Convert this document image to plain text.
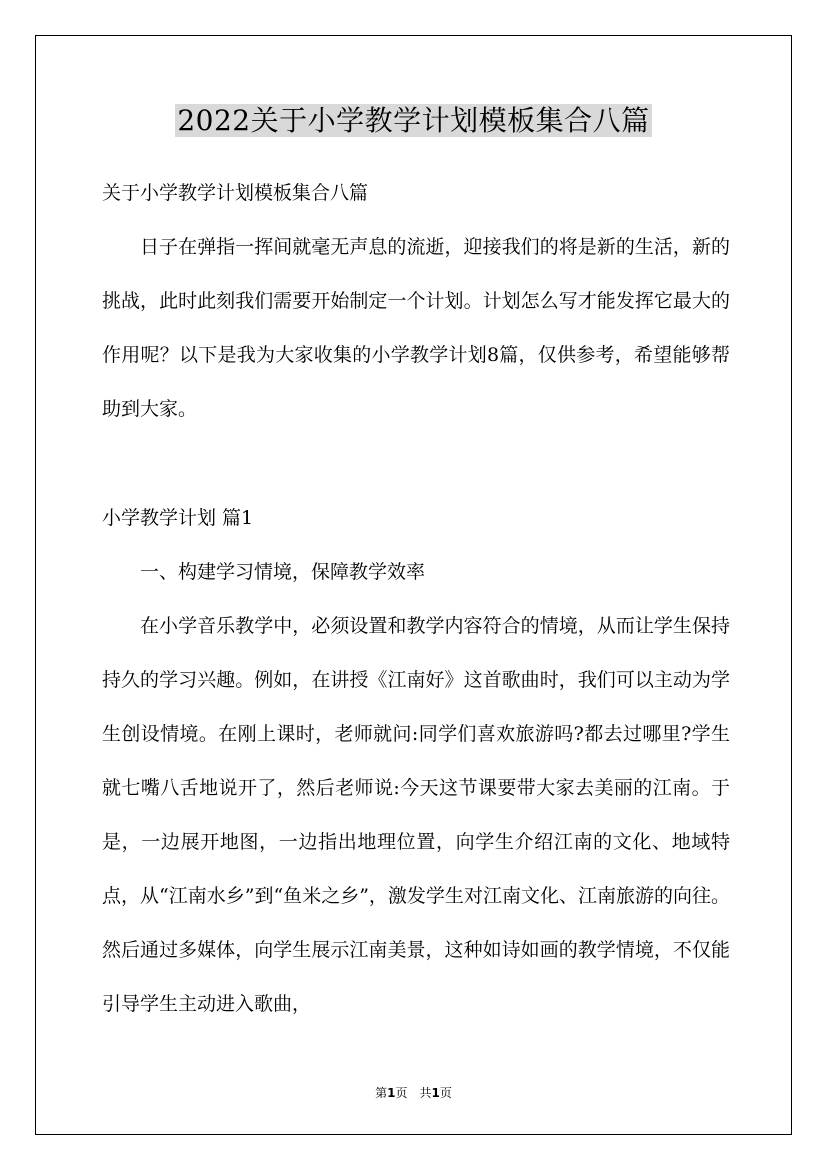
2022关于小学教学计划模板集合八篇

关于小学教学计划模板集合八篇

日子在弹指一挥间就毫无声息的流逝，迎接我们的将是新的生活，新的挑战，此时此刻我们需要开始制定一个计划。计划怎么写才能发挥它最大的作用呢？以下是我为大家收集的小学教学计划8篇，仅供参考，希望能够帮助到大家。

小学教学计划 篇1

一、构建学习情境，保障教学效率

在小学音乐教学中，必须设置和教学内容符合的情境，从而让学生保持持久的学习兴趣。例如，在讲授《江南好》这首歌曲时，我们可以主动为学生创设情境。在刚上课时，老师就问:同学们喜欢旅游吗?都去过哪里?学生就七嘴八舌地说开了，然后老师说:今天这节课要带大家去美丽的江南。于是，一边展开地图，一边指出地理位置，向学生介绍江南的文化、地域特点，从“江南水乡”到“鱼米之乡”，激发学生对江南文化、江南旅游的向往。然后通过多媒体，向学生展示江南美景，这种如诗如画的教学情境，不仅能引导学生主动进入歌曲，

第1页　共1页
